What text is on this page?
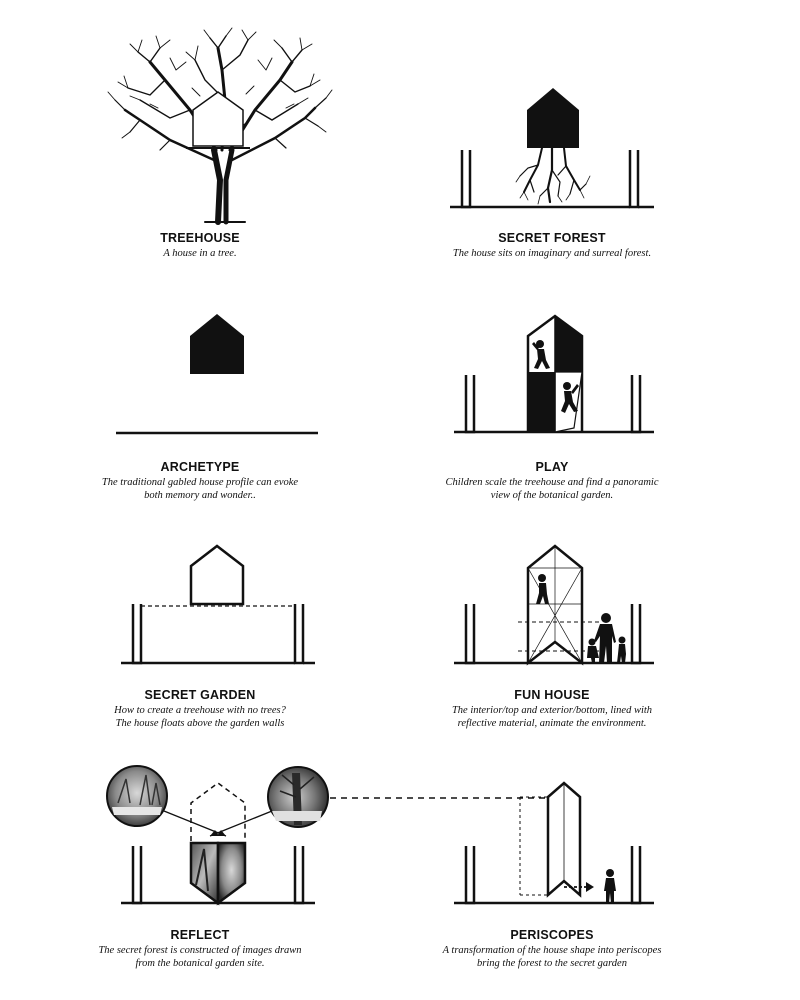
TREEHOUSE
A house in a tree.
SECRET FOREST
The house sits on imaginary and surreal forest.
ARCHETYPE
The traditional gabled house profile can evoke
both memory and wonder..
PLAY
Children scale the treehouse and find a panoramic
view of the botanical garden.
SECRET GARDEN
How to create a treehouse with no trees?
The house floats above the garden walls
FUN HOUSE
The interior/top and exterior/bottom, lined with
reflective material, animate the environment.
REFLECT
The secret forest is constructed of images drawn
from the botanical garden site.
PERISCOPES
A transformation of the house shape into periscopes
bring the forest to the secret garden
